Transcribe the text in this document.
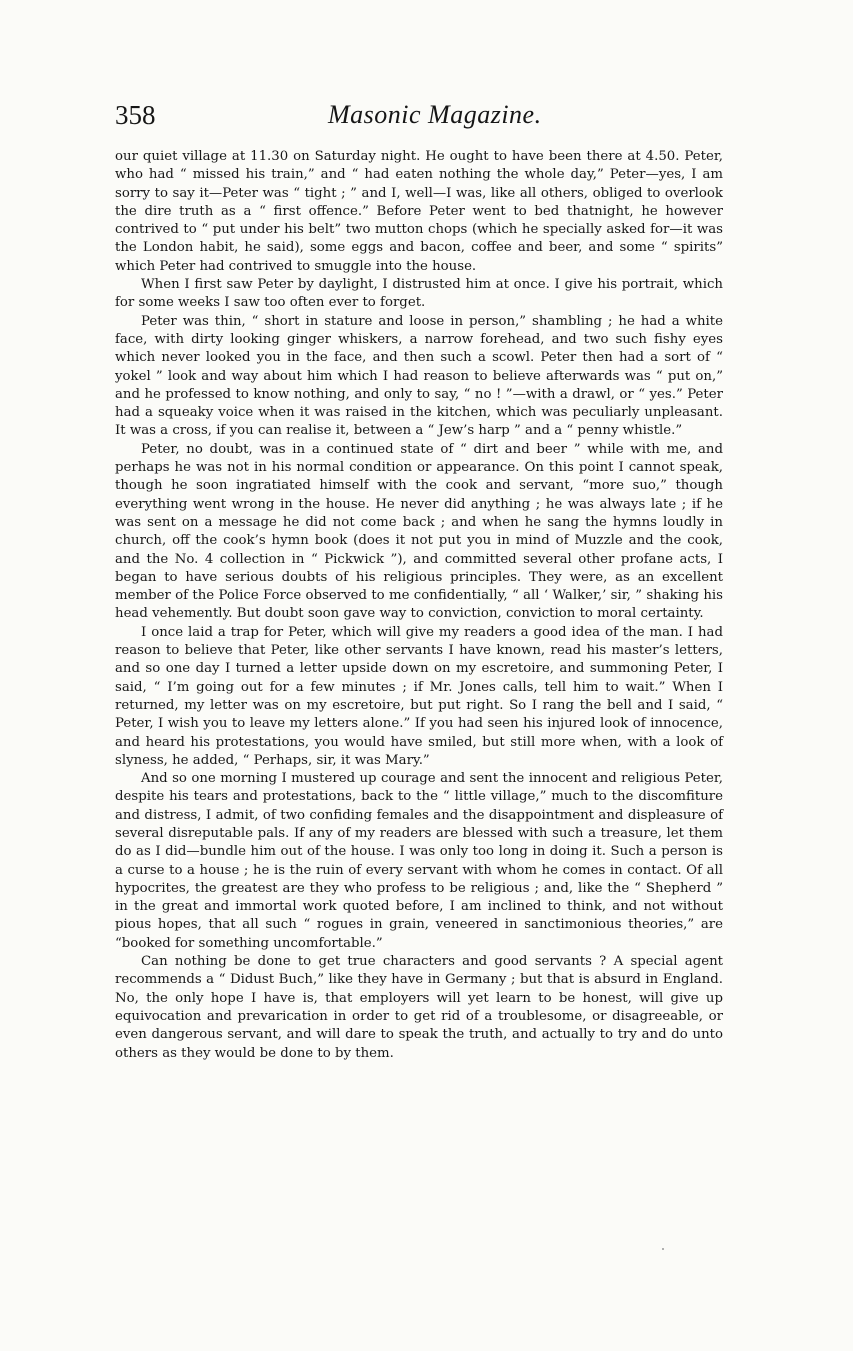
358	Masonic Magazine.

our quiet village at 11.30 on Saturday night. He ought to have been there at 4.50. Peter, who had “ missed his train,” and “ had eaten nothing the whole day,” Peter—yes, I am sorry to say it—Peter was “ tight ; ” and I, well—I was, like all others, obliged to overlook the dire truth as a “ first offence.” Before Peter went to bed thatnight, he however contrived to “ put under his belt” two mutton chops (which he specially asked for—it was the London habit, he said), some eggs and bacon, coffee and beer, and some “ spirits” which Peter had contrived to smuggle into the house.

When I first saw Peter by daylight, I distrusted him at once. I give his portrait, which for some weeks I saw too often ever to forget.

Peter was thin, “ short in stature and loose in person,” shambling ; he had a white face, with dirty looking ginger whiskers, a narrow forehead, and two such fishy eyes which never looked you in the face, and then such a scowl. Peter then had a sort of “ yokel ” look and way about him which I had reason to believe afterwards was “ put on,” and he professed to know nothing, and only to say, “ no ! ”—with a drawl, or “ yes.” Peter had a squeaky voice when it was raised in the kitchen, which was peculiarly unpleasant. It was a cross, if you can realise it, between a “ Jew’s harp ” and a “ penny whistle.”

Peter, no doubt, was in a continued state of “ dirt and beer ” while with me, and perhaps he was not in his normal condition or appearance. On this point I cannot speak, though he soon ingratiated himself with the cook and servant, “more suo,” though everything went wrong in the house. He never did anything ; he was always late ; if he was sent on a message he did not come back ; and when he sang the hymns loudly in church, off the cook’s hymn book (does it not put you in mind of Muzzle and the cook, and the No. 4 collection in “ Pickwick ”), and committed several other profane acts, I began to have serious doubts of his religious principles. They were, as an excellent member of the Police Force observed to me confidentially, “ all ‘ Walker,’ sir, ” shaking his head vehemently. But doubt soon gave way to conviction, conviction to moral certainty.

I once laid a trap for Peter, which will give my readers a good idea of the man. I had reason to believe that Peter, like other servants I have known, read his master’s letters, and so one day I turned a letter upside down on my escretoire, and summoning Peter, I said, “ I’m going out for a few minutes ; if Mr. Jones calls, tell him to wait.” When I returned, my letter was on my escretoire, but put right. So I rang the bell and I said, “ Peter, I wish you to leave my letters alone.” If you had seen his injured look of innocence, and heard his protestations, you would have smiled, but still more when, with a look of slyness, he added, “ Perhaps, sir, it was Mary.”

And so one morning I mustered up courage and sent the innocent and religious Peter, despite his tears and protestations, back to the “ little village,” much to the discomfiture and distress, I admit, of two confiding females and the disappointment and displeasure of several disreputable pals. If any of my readers are blessed with such a treasure, let them do as I did—bundle him out of the house. I was only too long in doing it. Such a person is a curse to a house ; he is the ruin of every servant with whom he comes in contact. Of all hypocrites, the greatest are they who profess to be religious ; and, like the “ Shepherd ” in the great and immortal work quoted before, I am inclined to think, and not without pious hopes, that all such “ rogues in grain, veneered in sanctimonious theories,” are “booked for something uncomfortable.”

Can nothing be done to get true characters and good servants ? A special agent recommends a “ Didust Buch,” like they have in Germany ; but that is absurd in England. No, the only hope I have is, that employers will yet learn to be honest, will give up equivocation and prevarication in order to get rid of a troublesome, or disagreeable, or even dangerous servant, and will dare to speak the truth, and actually to try and do unto others as they would be done to by them.
